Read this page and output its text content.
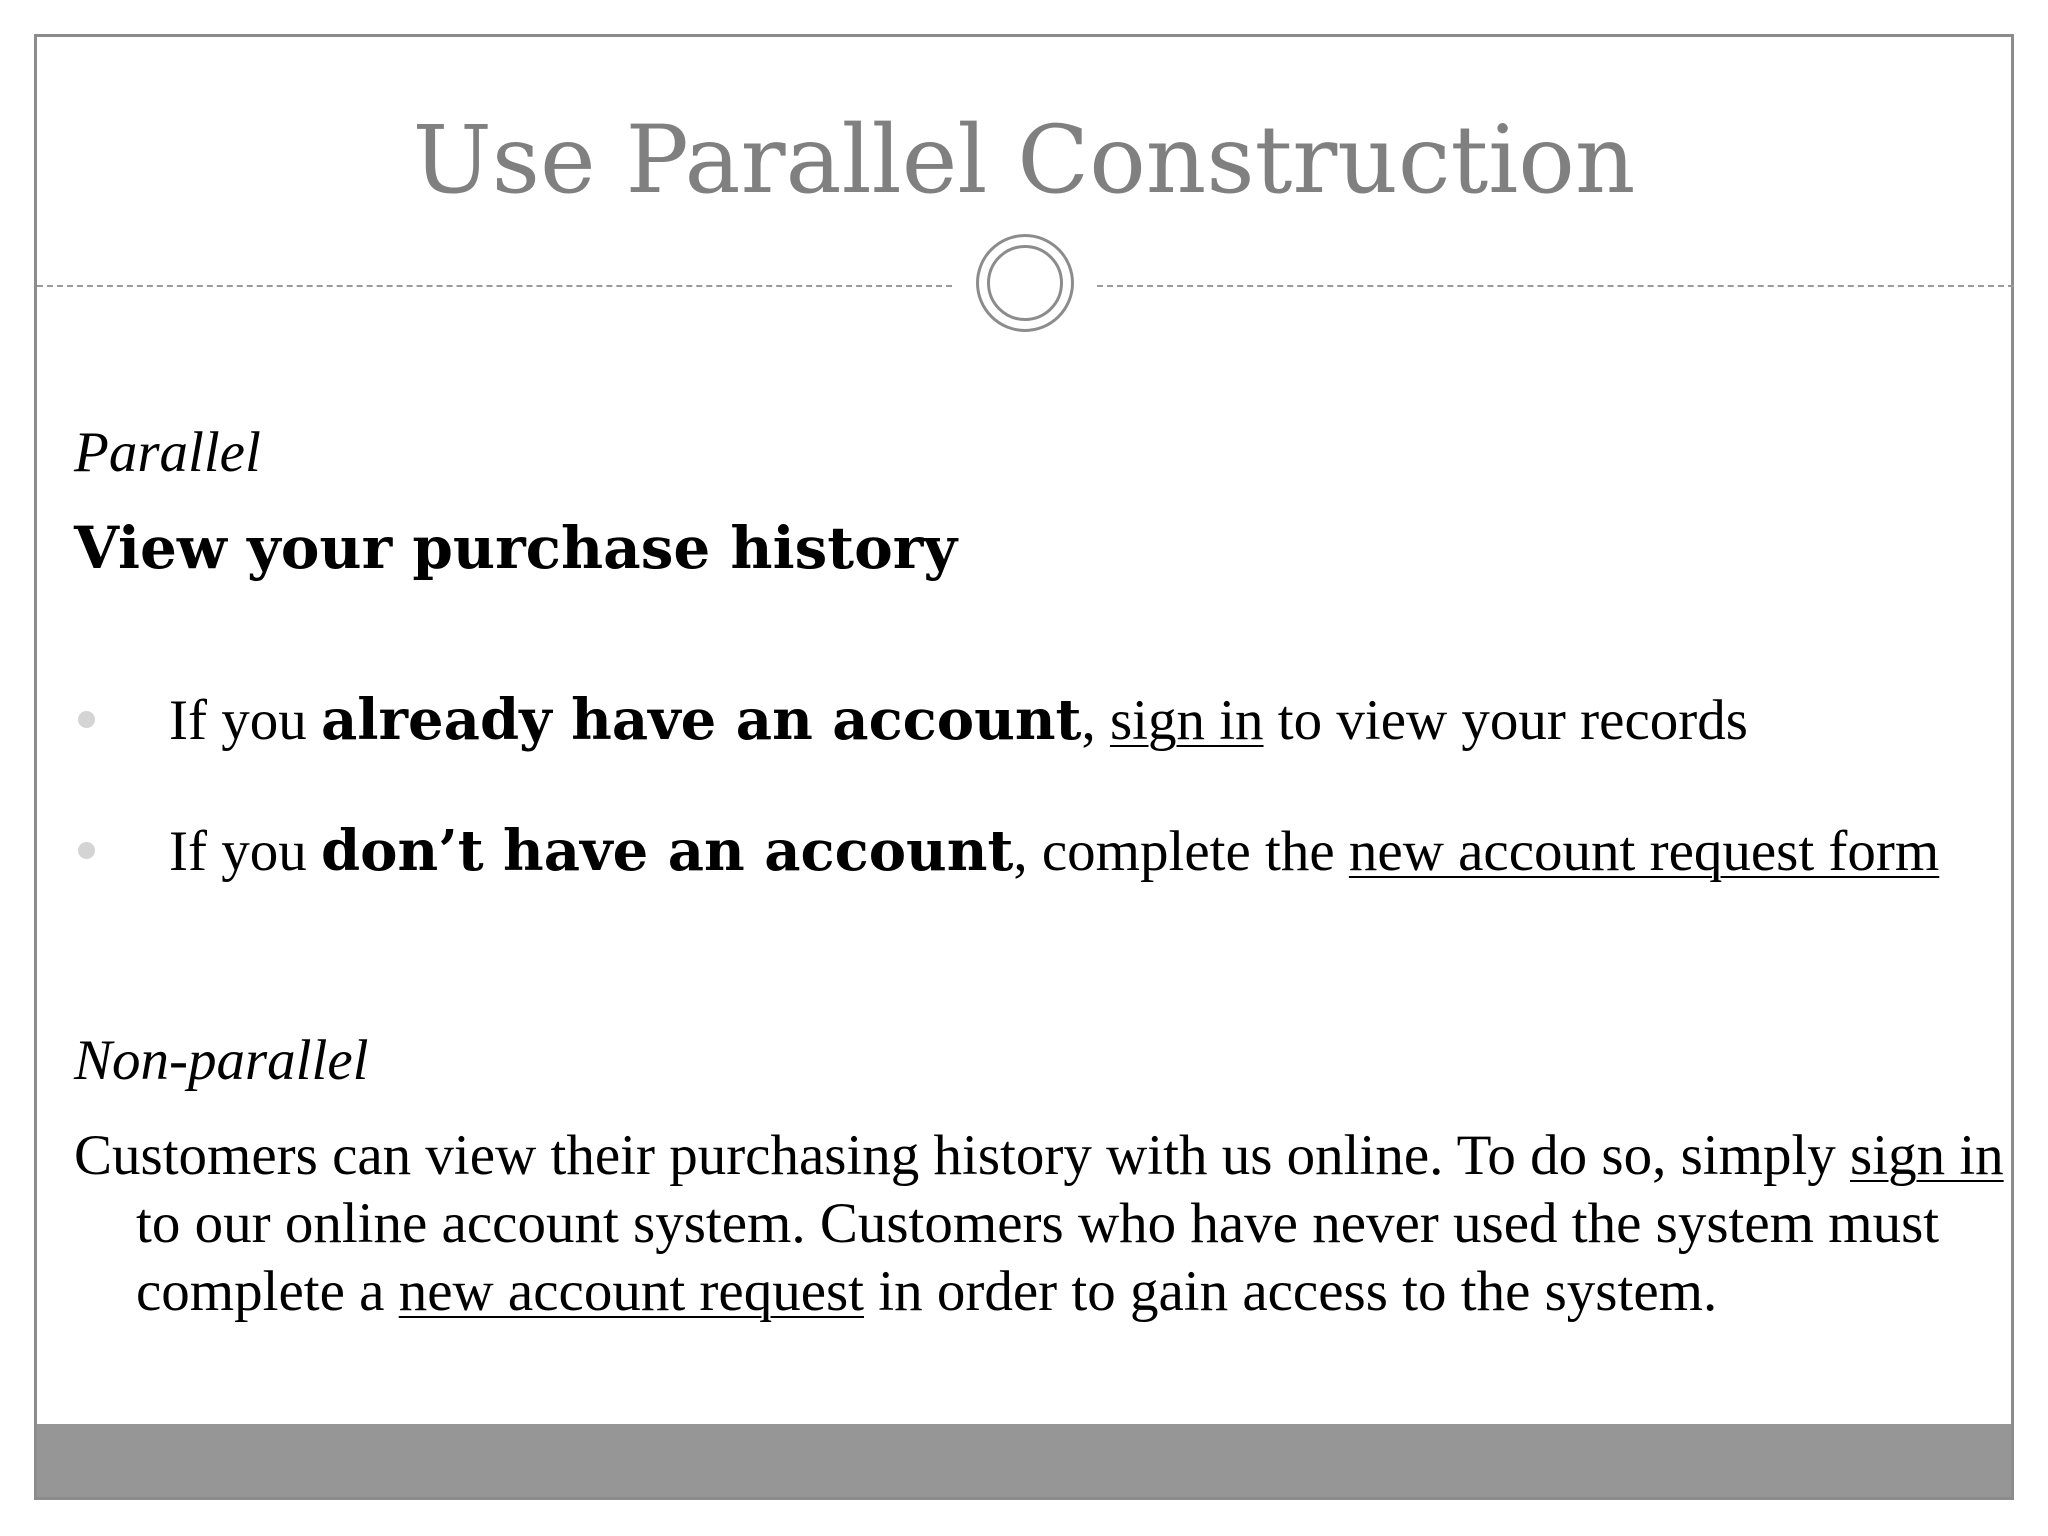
Use Parallel Construction
Parallel
View your purchase history
If you already have an account, sign in to view your records
If you don’t have an account, complete the new account request form
Non-parallel
Customers can view their purchasing history with us online. To do so, simply sign in to our online account system. Customers who have never used the system must complete a new account request in order to gain access to the system.
